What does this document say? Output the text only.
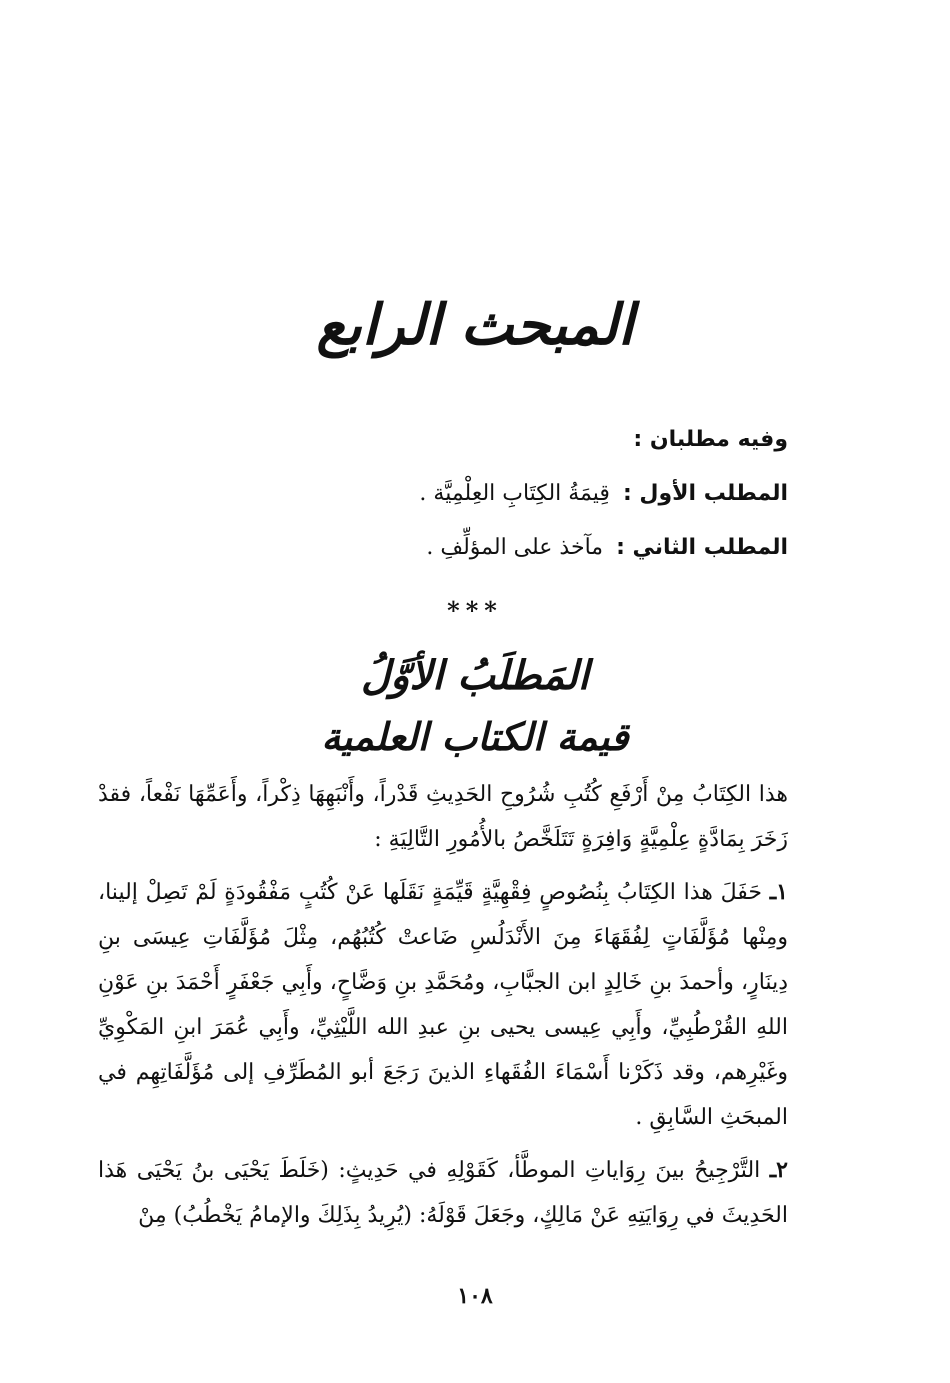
المبحث الرابع
وفيه مطلبان :
المطلب الأول : قِيمَةُ الكِتَابِ العِلْمِيَّة .
المطلب الثاني : مآخذ على المؤلِّفِ .
***
المَطلَبُ الأوَّلُ
قيمة الكتاب العلمية

هذا الكِتَابُ مِنْ أَرْفَعِ كُتُبِ شُرُوحِ الحَدِيثِ قَدْراً، وأَنْبَهِهَا ذِكْراً، وأَعَمِّهَا نَفْعاً، فقدْ زَخَرَ بِمَادَّةٍ عِلْمِيَّةٍ وَافِرَةٍ تَتَلَخَّصُ بالأُمُورِ التَّالِيَةِ :

١ـ حَفَلَ هذا الكِتَابُ بِنُصُوصٍ فِقْهِيَّةٍ قَيِّمَةٍ نَقَلَها عَنْ كُتُبٍ مَفْقُودَةٍ لَمْ تَصِلْ إلينا، ومِنْها مُؤَلَّفَاتٍ لِفُقَهَاءَ مِنَ الأَنْدَلُسِ ضَاعتْ كُتُبُهُم، مِثْلَ مُؤَلَّفَاتِ عِيسَى بنِ دِينَارٍ، وأحمدَ بنِ خَالِدٍ ابن الجبَّابِ، ومُحَمَّدِ بنِ وَضَّاحٍ، وأَبِي جَعْفَرٍ أَحْمَدَ بنِ عَوْنِ اللهِ القُرْطُبِيِّ، وأَبِي عِيسى يحيى بنِ عبدِ الله اللَّيْثِيِّ، وأَبِي عُمَرَ ابنِ المَكْوِيِّ وغَيْرِهم، وقد ذَكَرْنا أَسْمَاءَ الفُقَهاءِ الذينَ رَجَعَ أبو المُطَرِّفِ إلى مُؤَلَّفَاتِهِم في المبحَثِ السَّابِقِ .

٢ـ التَّرْجِيحُ بينَ رِوَاياتِ الموطَّأ، كَقَوْلِهِ في حَدِيثٍ: (خَلَطَ يَحْيَى بنُ يَحْيَى هَذا الحَدِيثَ في رِوَايَتِهِ عَنْ مَالِكٍ، وجَعَلَ قَوْلَهُ: (يُرِيدُ بِذَلِكَ والإمامُ يَخْطُبُ) مِنْ

١٠٨
